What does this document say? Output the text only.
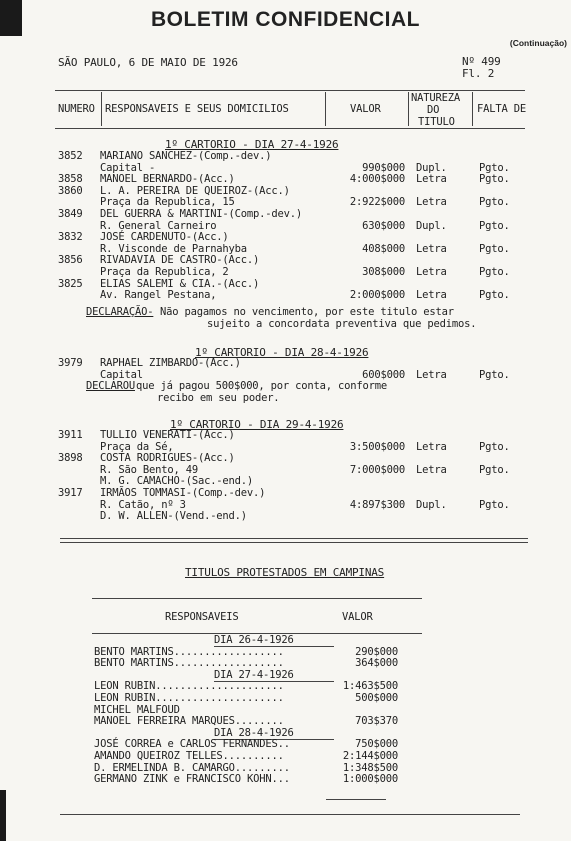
BOLETIM CONFIDENCIAL
(Continuação)
SÃO PAULO, 6 DE MAIO DE 1926	Nº 499
Fl. 2
NUMERO RESPONSAVEIS E SEUS DOMICILIOS	VALOR
NATUREZA
DO
TITULO
FALTA DE
1º CARTORIO - DIA 27-4-1926
3852 MARIANO SANCHEZ-(Comp.-dev.)
Capital -	990$000 Dupl.	Pgto.
3858 MANOEL BERNARDO-(Acc.)	4:000$000 Letra	Pgto.
3860 L. A. PEREIRA DE QUEIROZ-(Acc.)
Praça da Republica, 15	2:922$000 Letra	Pgto.
3849 DEL GUERRA & MARTINI-(Comp.-dev.)
R. General Carneiro	630$000 Dupl.	Pgto.
3832 JOSÉ CARDENUTO-(Acc.)
R. Visconde de Parnahyba	408$000 Letra	Pgto.
3856 RIVADAVIA DE CASTRO-(Acc.)
Praça da Republica, 2	308$000 Letra	Pgto.
3825 ELIAS SALEMI & CIA.-(Acc.)
Av. Rangel Pestana,	2:000$000 Letra	Pgto.
DECLARAÇÃO- Não pagamos no vencimento, por este titulo estar
sujeito a concordata preventiva que pedimos.
1º CARTORIO - DIA 28-4-1926
3979 RAPHAEL ZIMBARDO-(Acc.)
Capital	600$000 Letra	Pgto.
DECLAROU que já pagou 500$000, por conta, conforme
recibo em seu poder.
1º CARTORIO - DIA 29-4-1926
3911 TULLIO VENERATI-(Acc.)
Praça da Sé,	3:500$000 Letra	Pgto.
3898 COSTA RODRIGUES-(Acc.)
R. São Bento, 49	7:000$000 Letra	Pgto.
M. G. CAMACHO-(Sac.-end.)
3917 IRMÃOS TOMMASI-(Comp.-dev.)
R. Catão, nº 3	4:897$300 Dupl.	Pgto.
D. W. ALLEN-(Vend.-end.)
TITULOS PROTESTADOS EM CAMPINAS
RESPONSAVEIS	VALOR
DIA 26-4-1926
BENTO MARTINS..................	290$000
BENTO MARTINS..................	364$000
DIA 27-4-1926
LEON RUBIN.....................	1:463$500
LEON RUBIN.....................	500$000
MICHEL MALFOUD
MANOEL FERREIRA MARQUES........	703$370
DIA 28-4-1926
JOSÉ CORREA e CARLOS FERNANDES..	750$000
AMANDO QUEIROZ TELLES..........	2:144$000
D. ERMELINDA B. CAMARGO.........	1:348$500
GERMANO ZINK e FRANCISCO KOHN...	1:000$000
